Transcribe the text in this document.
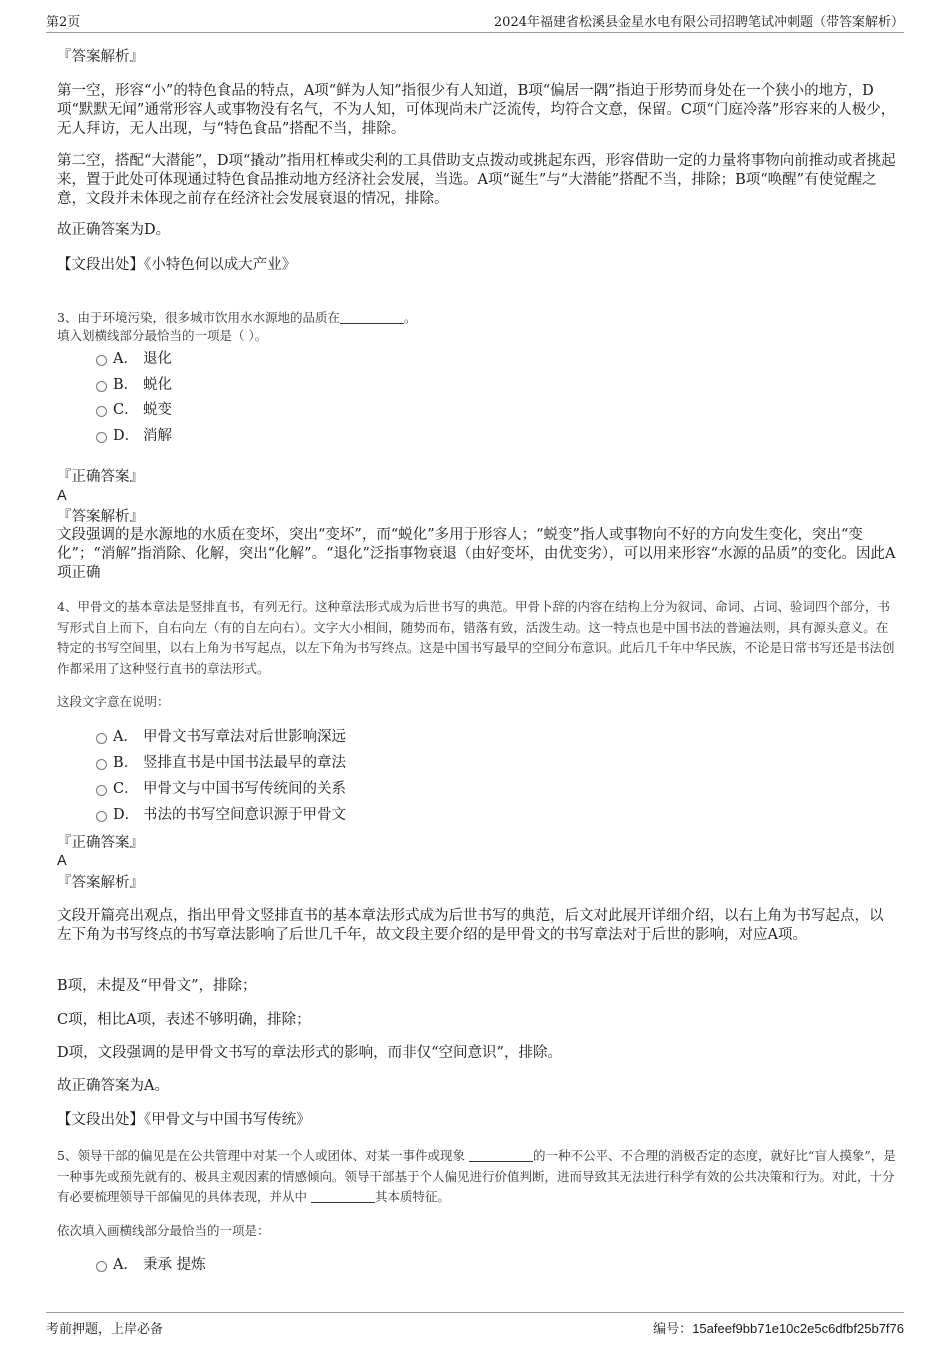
第2页	2024年福建省松溪县金星水电有限公司招聘笔试冲刺题（带答案解析）
『答案解析』
第一空，形容“小”的特色食品的特点，A项“鲜为人知”指很少有人知道，B项“偏居一隅”指迫于形势而身处在一个狭小的地方，D项“默默无闻”通常形容人或事物没有名气，不为人知，可体现尚未广泛流传，均符合文意，保留。C项“门庭冷落”形容来的人极少，无人拜访，无人出现，与“特色食品”搭配不当，排除。
第二空，搭配“大潜能”，D项“撬动”指用杠棒或尖利的工具借助支点拨动或挑起东西，形容借助一定的力量将事物向前推动或者挑起来，置于此处可体现通过特色食品推动地方经济社会发展，当选。A项“诞生”与“大潜能”搭配不当，排除；B项“唤醒”有使觉醒之意，文段并未体现之前存在经济社会发展衰退的情况，排除。
故正确答案为D。
【文段出处】《小特色何以成大产业》
3、由于环境污染，很多城市饮用水水源地的品质在	。
填入划横线部分最恰当的一项是（ ）。
A． 退化
B． 蜕化
C． 蜕变
D． 消解
『正确答案』
A
『答案解析』
文段强调的是水源地的水质在变坏，突出“变坏”，而“蜕化”多用于形容人；“蜕变”指人或事物向不好的方向发生变化，突出“变化”；“消解”指消除、化解，突出“化解”。“退化”泛指事物衰退（由好变坏，由优变劣），可以用来形容“水源的品质”的变化。因此A项正确
4、甲骨文的基本章法是竖排直书，有列无行。这种章法形式成为后世书写的典范。甲骨卜辞的内容在结构上分为叙词、命词、占词、验词四个部分，书写形式自上而下，自右向左（有的自左向右）。文字大小相间，随势而布，错落有致，活泼生动。这一特点也是中国书法的普遍法则，具有源头意义。在特定的书写空间里，以右上角为书写起点，以左下角为书写终点。这是中国书写最早的空间分布意识。此后几千年中华民族，不论是日常书写还是书法创作都采用了这种竖行直书的章法形式。
这段文字意在说明：
A． 甲骨文书写章法对后世影响深远
B． 竖排直书是中国书法最早的章法
C． 甲骨文与中国书写传统间的关系
D． 书法的书写空间意识源于甲骨文
『正确答案』
A
『答案解析』
文段开篇亮出观点，指出甲骨文竖排直书的基本章法形式成为后世书写的典范，后文对此展开详细介绍，以右上角为书写起点，以左下角为书写终点的书写章法影响了后世几千年，故文段主要介绍的是甲骨文的书写章法对于后世的影响，对应A项。
B项，未提及“甲骨文”，排除；
C项，相比A项，表述不够明确，排除；
D项，文段强调的是甲骨文书写的章法形式的影响，而非仅“空间意识”，排除。
故正确答案为A。
【文段出处】《甲骨文与中国书写传统》
5、领导干部的偏见是在公共管理中对某一个人或团体、对某一事件或现象	的一种不公平、不合理的消极否定的态度，就好比“盲人摸象”，是一种事先或预先就有的、极具主观因素的情感倾向。领导干部基于个人偏见进行价值判断，进而导致其无法进行科学有效的公共决策和行为。对此，十分有必要梳理领导干部偏见的具体表现，并从中	其本质特征。
依次填入画横线部分最恰当的一项是：
A． 秉承 提炼
考前押题，上岸必备	编号：15afeef9bb71e10c2e5c6dfbf25b7f76
